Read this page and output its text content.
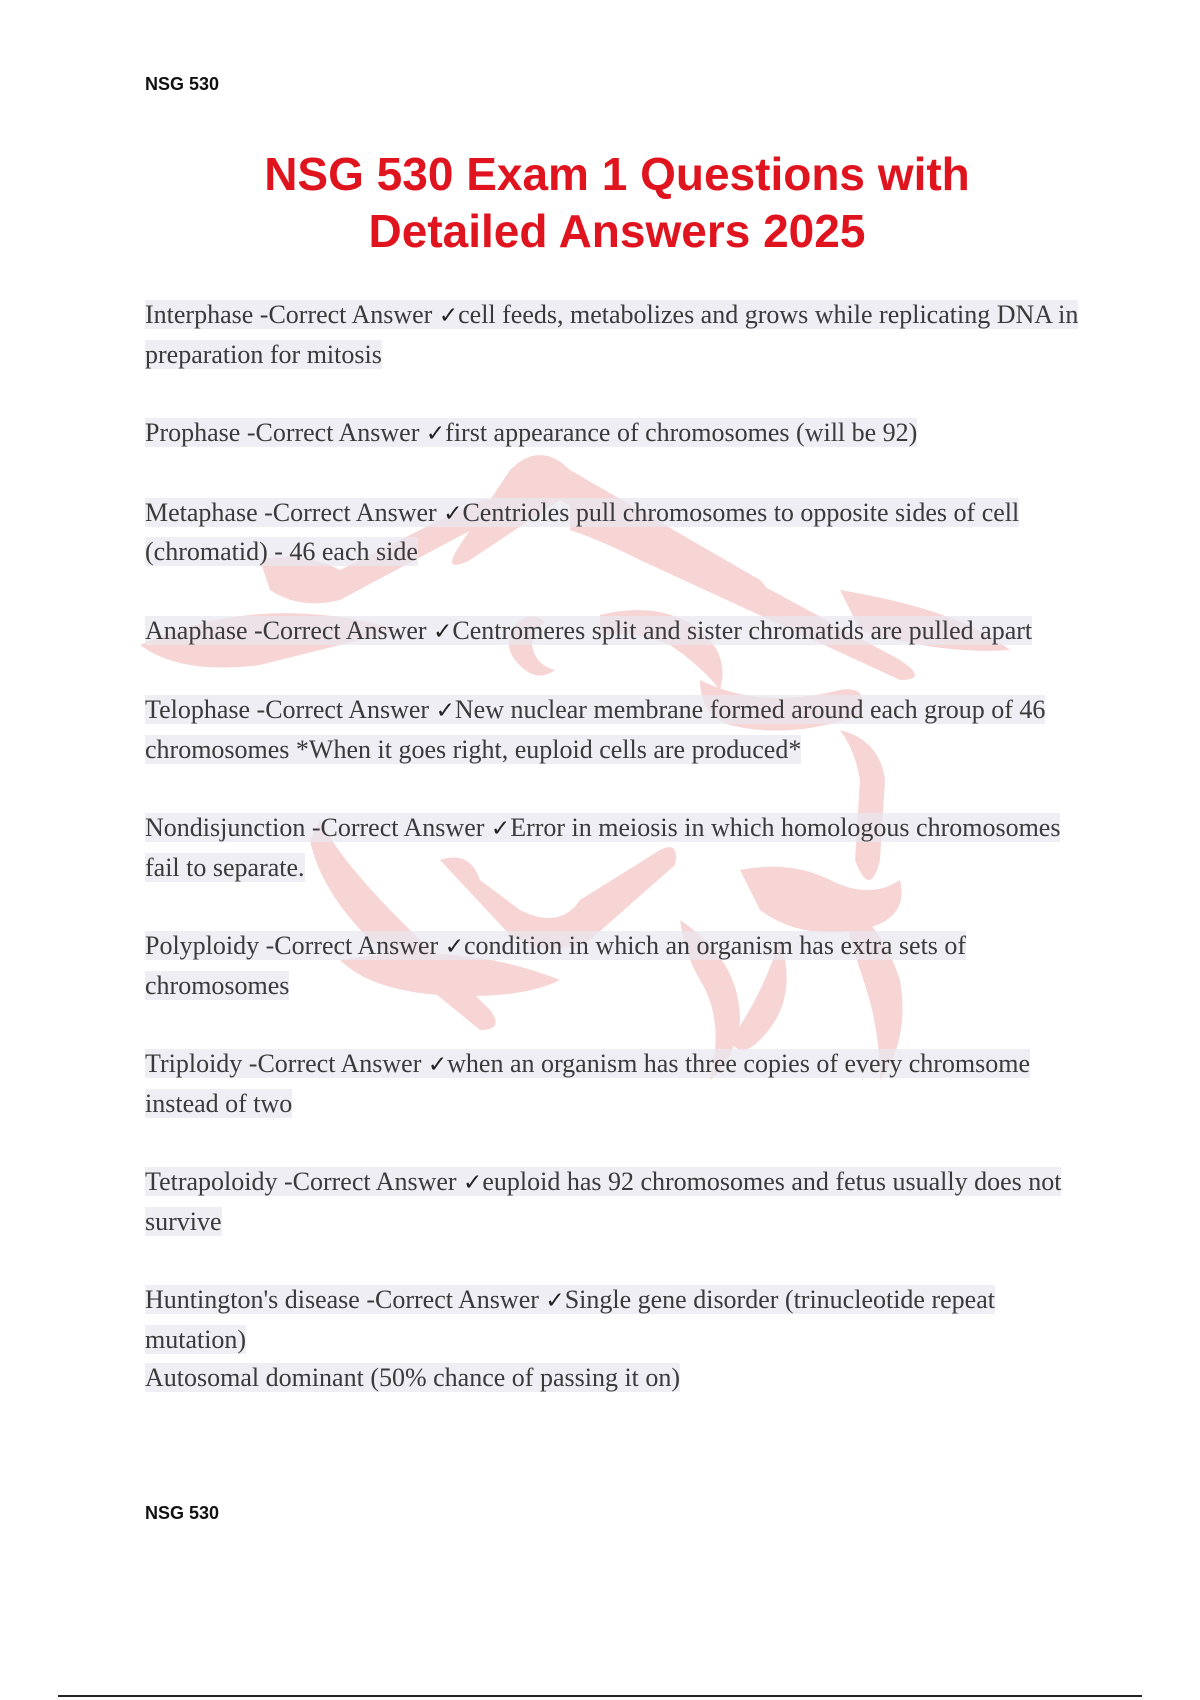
NSG 530
NSG 530 Exam 1 Questions with
Detailed Answers 2025

Interphase -Correct Answer ✓cell feeds, metabolizes and grows while replicating DNA in preparation for mitosis

Prophase -Correct Answer ✓first appearance of chromosomes (will be 92)

Metaphase -Correct Answer ✓Centrioles pull chromosomes to opposite sides of cell (chromatid) - 46 each side

Anaphase -Correct Answer ✓Centromeres split and sister chromatids are pulled apart

Telophase -Correct Answer ✓New nuclear membrane formed around each group of 46 chromosomes *When it goes right, euploid cells are produced*

Nondisjunction -Correct Answer ✓Error in meiosis in which homologous chromosomes fail to separate.

Polyploidy -Correct Answer ✓condition in which an organism has extra sets of chromosomes

Triploidy -Correct Answer ✓when an organism has three copies of every chromsome instead of two

Tetrapoloidy -Correct Answer ✓euploid has 92 chromosomes and fetus usually does not survive

Huntington's disease -Correct Answer ✓Single gene disorder (trinucleotide repeat mutation)
Autosomal dominant (50% chance of passing it on)

NSG 530
